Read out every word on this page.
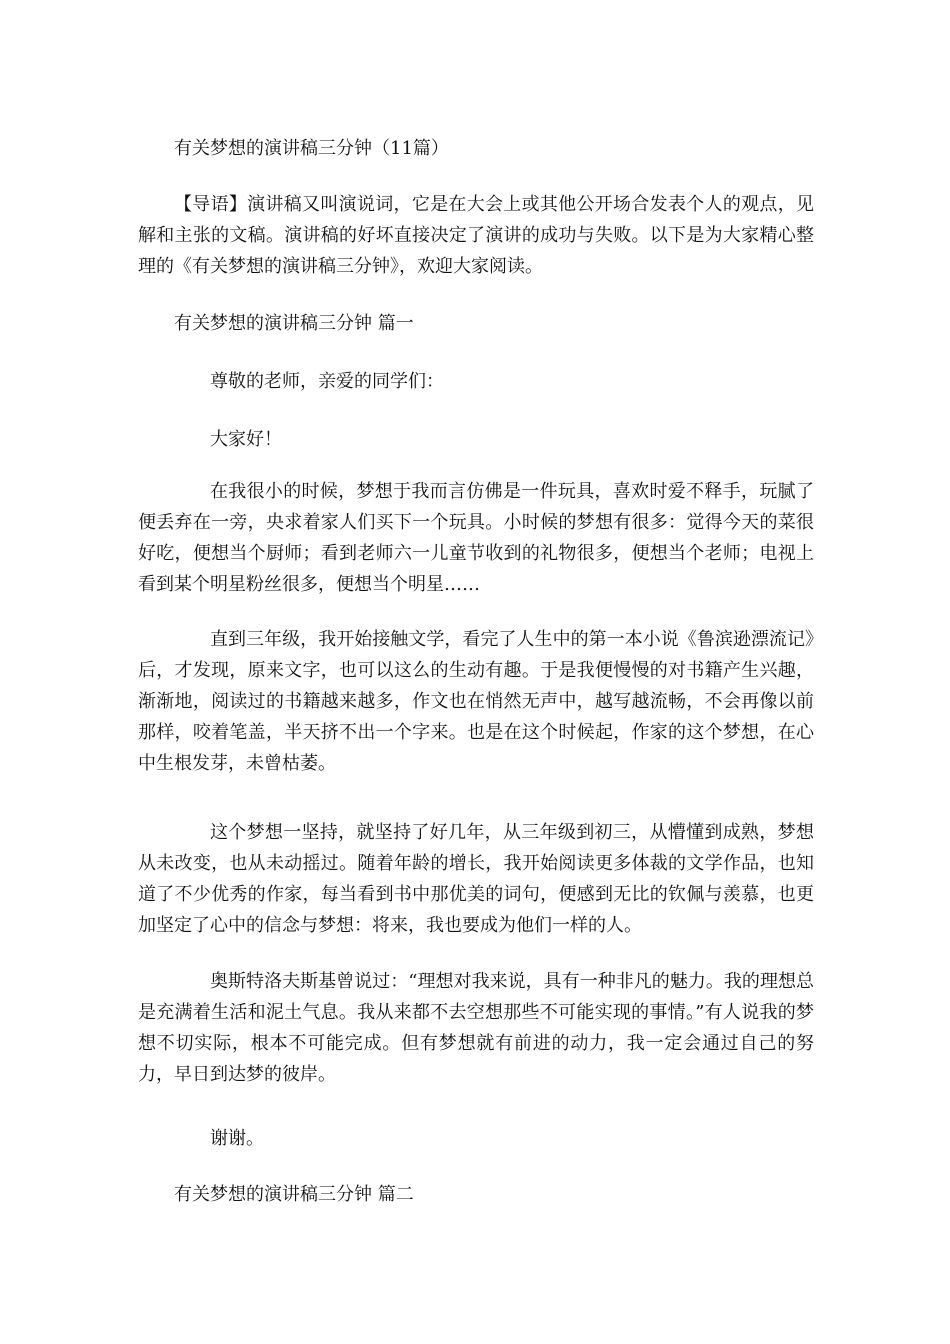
有关梦想的演讲稿三分钟（11篇）
【导语】演讲稿又叫演说词，它是在大会上或其他公开场合发表个人的观点，见解和主张的文稿。演讲稿的好坏直接决定了演讲的成功与失败。以下是为大家精心整理的《有关梦想的演讲稿三分钟》，欢迎大家阅读。
有关梦想的演讲稿三分钟 篇一
尊敬的老师，亲爱的同学们：
大家好！
在我很小的时候，梦想于我而言仿佛是一件玩具，喜欢时爱不释手，玩腻了便丢弃在一旁，央求着家人们买下一个玩具。小时候的梦想有很多：觉得今天的菜很好吃，便想当个厨师；看到老师六一儿童节收到的礼物很多，便想当个老师；电视上看到某个明星粉丝很多，便想当个明星……
直到三年级，我开始接触文学，看完了人生中的第一本小说《鲁滨逊漂流记》后，才发现，原来文字，也可以这么的生动有趣。于是我便慢慢的对书籍产生兴趣，渐渐地，阅读过的书籍越来越多，作文也在悄然无声中，越写越流畅，不会再像以前那样，咬着笔盖，半天挤不出一个字来。也是在这个时候起，作家的这个梦想，在心中生根发芽，未曾枯萎。
这个梦想一坚持，就坚持了好几年，从三年级到初三，从懵懂到成熟，梦想从未改变，也从未动摇过。随着年龄的增长，我开始阅读更多体裁的文学作品，也知道了不少优秀的作家，每当看到书中那优美的词句，便感到无比的钦佩与羡慕，也更加坚定了心中的信念与梦想：将来，我也要成为他们一样的人。
奥斯特洛夫斯基曾说过：“理想对我来说，具有一种非凡的魅力。我的理想总是充满着生活和泥土气息。我从来都不去空想那些不可能实现的事情。”有人说我的梦想不切实际，根本不可能完成。但有梦想就有前进的动力，我一定会通过自己的努力，早日到达梦的彼岸。
谢谢。
有关梦想的演讲稿三分钟 篇二
